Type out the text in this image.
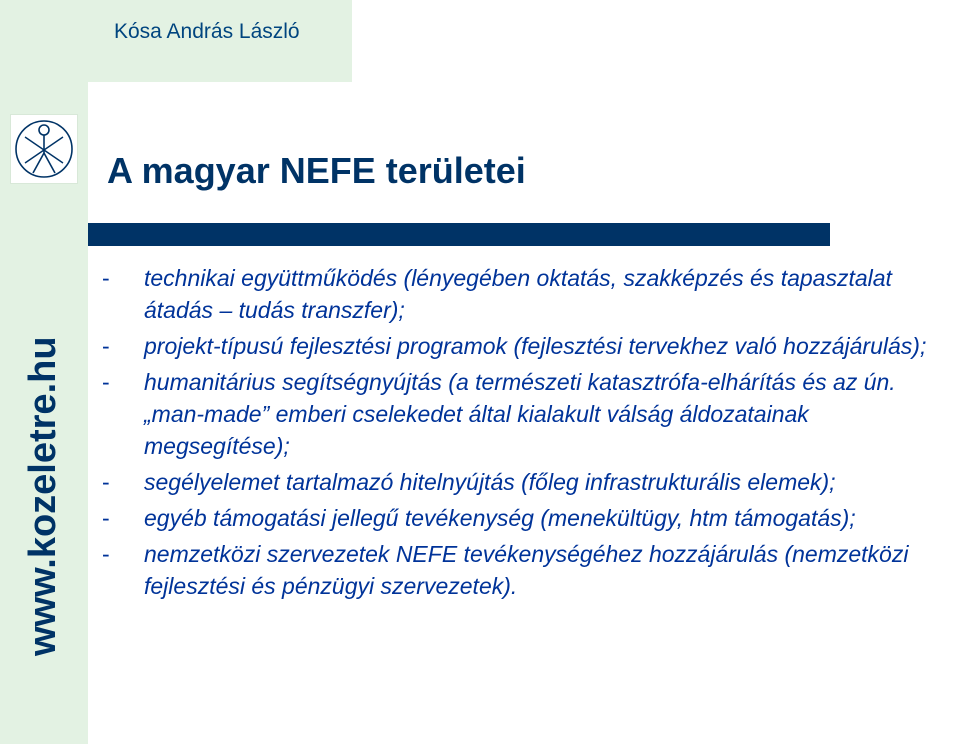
Kósa András László
A magyar NEFE területei
www.kozeletre.hu
-	technikai együttműködés (lényegében oktatás, szakképzés és tapasztalat átadás – tudás transzfer);
-	projekt-típusú fejlesztési programok (fejlesztési tervekhez való hozzájárulás);
-	humanitárius segítségnyújtás (a természeti katasztrófa-elhárítás és az ún. „man-made” emberi cselekedet által kialakult válság áldozatainak megsegítése);
-	segélyelemet tartalmazó hitelnyújtás (főleg infrastrukturális elemek);
-	egyéb támogatási jellegű tevékenység (menekültügy, htm támogatás);
-	nemzetközi szervezetek NEFE tevékenységéhez hozzájárulás (nemzetközi fejlesztési és pénzügyi szervezetek).
